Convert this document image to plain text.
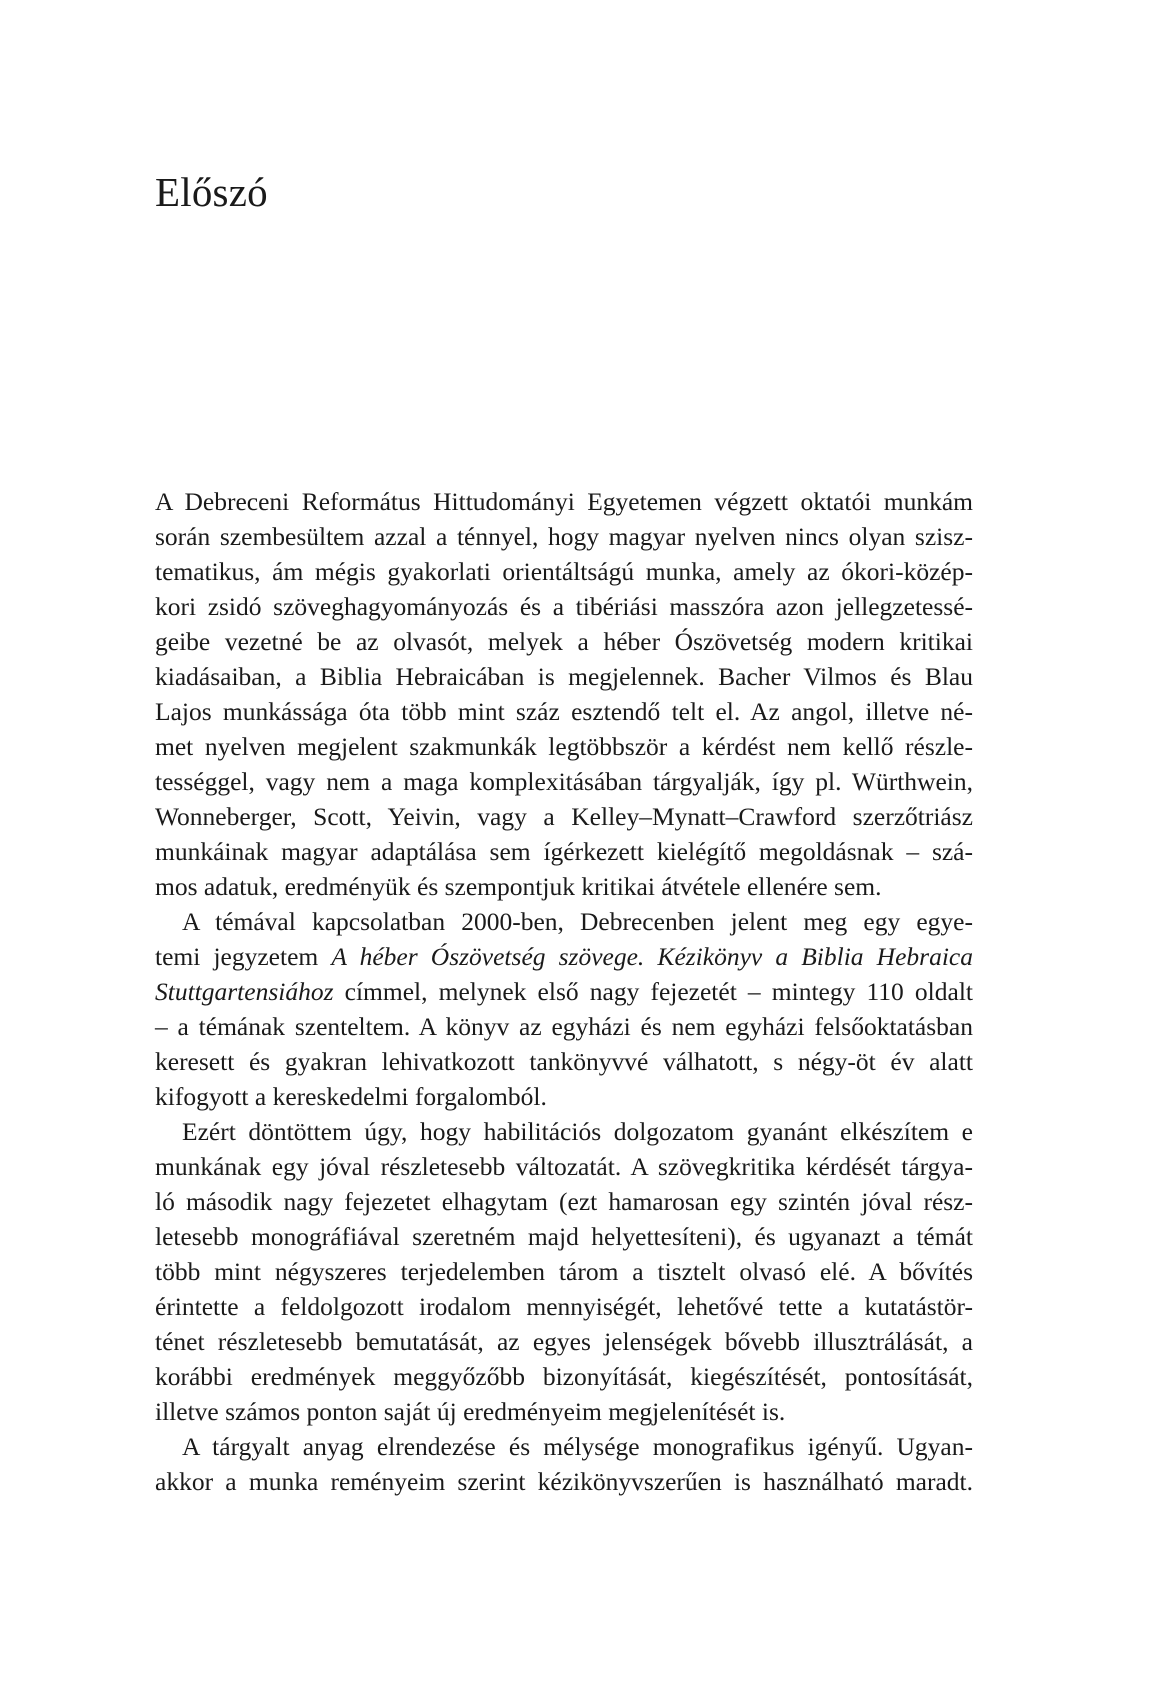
Előszó
A Debreceni Református Hittudományi Egyetemen végzett oktatói munkám
során szembesültem azzal a ténnyel, hogy magyar nyelven nincs olyan szisz-
tematikus, ám mégis gyakorlati orientáltságú munka, amely az ókori-közép-
kori zsidó szöveghagyományozás és a tibériási masszóra azon jellegzetessé-
geibe vezetné be az olvasót, melyek a héber Ószövetség modern kritikai
kiadásaiban, a Biblia Hebraicában is megjelennek. Bacher Vilmos és Blau
Lajos munkássága óta több mint száz esztendő telt el. Az angol, illetve né-
met nyelven megjelent szakmunkák legtöbbször a kérdést nem kellő részle-
tességgel, vagy nem a maga komplexitásában tárgyalják, így pl. Würthwein,
Wonneberger, Scott, Yeivin, vagy a Kelley–Mynatt–Crawford szerzőtriász
munkáinak magyar adaptálása sem ígérkezett kielégítő megoldásnak – szá-
mos adatuk, eredményük és szempontjuk kritikai átvétele ellenére sem.
A témával kapcsolatban 2000-ben, Debrecenben jelent meg egy egye-
temi jegyzetem A héber Ószövetség szövege. Kézikönyv a Biblia Hebraica
Stuttgartensiához címmel, melynek első nagy fejezetét – mintegy 110 oldalt
– a témának szenteltem. A könyv az egyházi és nem egyházi felsőoktatásban
keresett és gyakran lehivatkozott tankönyvvé válhatott, s négy-öt év alatt
kifogyott a kereskedelmi forgalomból.
Ezért döntöttem úgy, hogy habilitációs dolgozatom gyanánt elkészítem e
munkának egy jóval részletesebb változatát. A szövegkritika kérdését tárgya-
ló második nagy fejezetet elhagytam (ezt hamarosan egy szintén jóval rész-
letesebb monográfiával szeretném majd helyettesíteni), és ugyanazt a témát
több mint négyszeres terjedelemben tárom a tisztelt olvasó elé. A bővítés
érintette a feldolgozott irodalom mennyiségét, lehetővé tette a kutatástör-
ténet részletesebb bemutatását, az egyes jelenségek bővebb illusztrálását, a
korábbi eredmények meggyőzőbb bizonyítását, kiegészítését, pontosítását,
illetve számos ponton saját új eredményeim megjelenítését is.
A tárgyalt anyag elrendezése és mélysége monografikus igényű. Ugyan-
akkor a munka reményeim szerint kézikönyvszerűen is használható maradt.
